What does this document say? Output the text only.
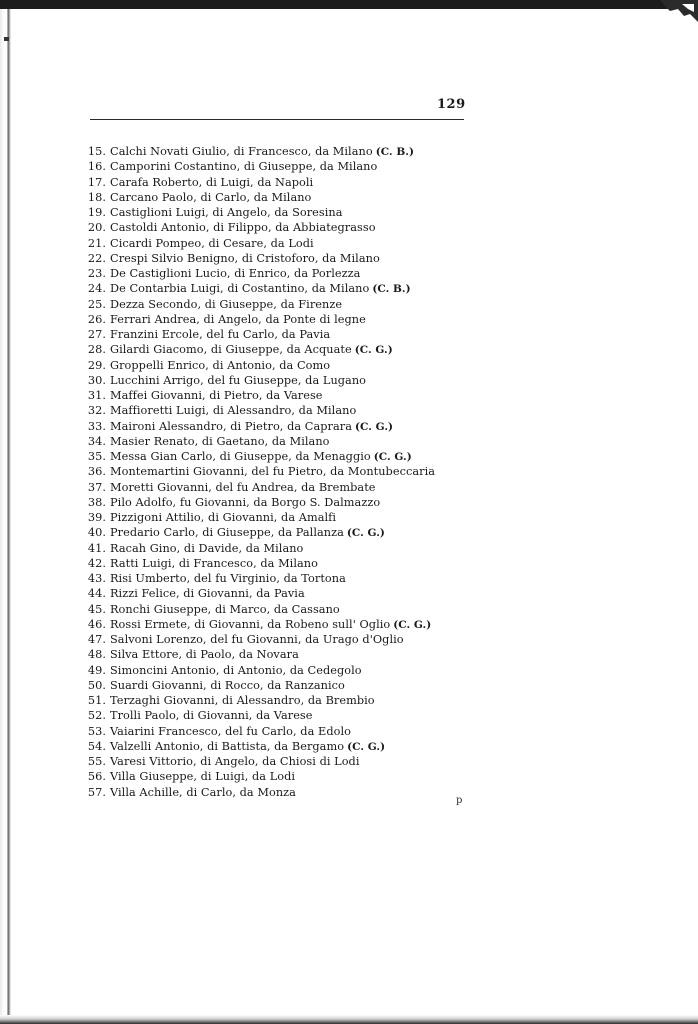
129
15. Calchi Novati Giulio, di Francesco, da Milano (C. B.)
16. Camporini Costantino, di Giuseppe, da Milano
17. Carafa Roberto, di Luigi, da Napoli
18. Carcano Paolo, di Carlo, da Milano
19. Castiglioni Luigi, di Angelo, da Soresina
20. Castoldi Antonio, di Filippo, da Abbiategrasso
21. Cicardi Pompeo, di Cesare, da Lodi
22. Crespi Silvio Benigno, di Cristoforo, da Milano
23. De Castiglioni Lucio, di Enrico, da Porlezza
24. De Contarbia Luigi, di Costantino, da Milano (C. B.)
25. Dezza Secondo, di Giuseppe, da Firenze
26. Ferrari Andrea, di Angelo, da Ponte di legne
27. Franzini Ercole, del fu Carlo, da Pavia
28. Gilardi Giacomo, di Giuseppe, da Acquate (C. G.)
29. Groppelli Enrico, di Antonio, da Como
30. Lucchini Arrigo, del fu Giuseppe, da Lugano
31. Maffei Giovanni, di Pietro, da Varese
32. Maffioretti Luigi, di Alessandro, da Milano
33. Maironi Alessandro, di Pietro, da Caprara (C. G.)
34. Masier Renato, di Gaetano, da Milano
35. Messa Gian Carlo, di Giuseppe, da Menaggio (C. G.)
36. Montemartini Giovanni, del fu Pietro, da Montubeccaria
37. Moretti Giovanni, del fu Andrea, da Brembate
38. Pilo Adolfo, fu Giovanni, da Borgo S. Dalmazzo
39. Pizzigoni Attilio, di Giovanni, da Amalfi
40. Predario Carlo, di Giuseppe, da Pallanza (C. G.)
41. Racah Gino, di Davide, da Milano
42. Ratti Luigi, di Francesco, da Milano
43. Risi Umberto, del fu Virginio, da Tortona
44. Rizzi Felice, di Giovanni, da Pavia
45. Ronchi Giuseppe, di Marco, da Cassano
46. Rossi Ermete, di Giovanni, da Robeno sull' Oglio (C. G.)
47. Salvoni Lorenzo, del fu Giovanni, da Urago d'Oglio
48. Silva Ettore, di Paolo, da Novara
49. Simoncini Antonio, di Antonio, da Cedegolo
50. Suardi Giovanni, di Rocco, da Ranzanico
51. Terzaghi Giovanni, di Alessandro, da Brembio
52. Trolli Paolo, di Giovanni, da Varese
53. Vaiarini Francesco, del fu Carlo, da Edolo
54. Valzelli Antonio, di Battista, da Bergamo (C. G.)
55. Varesi Vittorio, di Angelo, da Chiosi di Lodi
56. Villa Giuseppe, di Luigi, da Lodi
57. Villa Achille, di Carlo, da Monza
p
